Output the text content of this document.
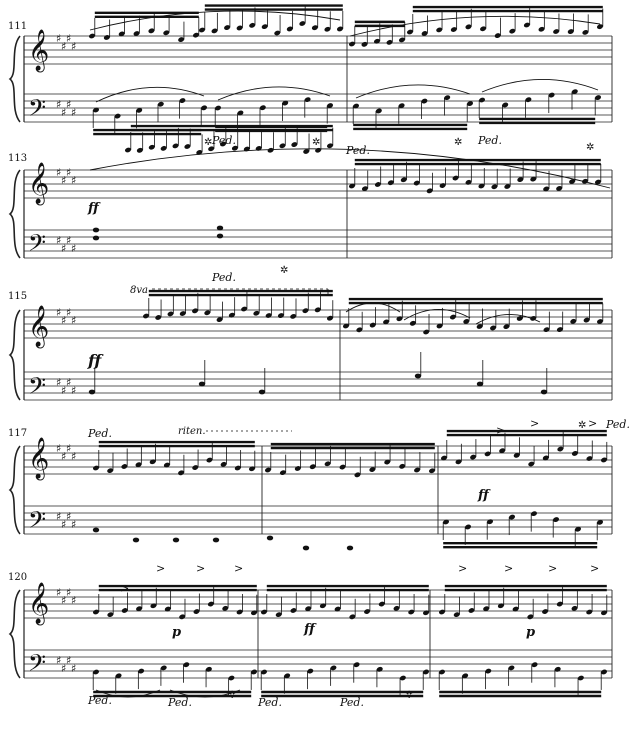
♯
♯
♯
♯
♯
♯
♯
♯
♯
♯
♯
♯
♯
♯
♯
♯
♯
♯
♯
♯
♯
♯
♯
♯
♯
♯
♯
♯
♯
♯
♯
♯
♯
♯
♯
♯
♯
♯
♯
♯
111
𝄞
𝄢
113
𝄞
𝄢
115
𝄞
𝄢
117
𝄞
𝄢
120
𝄞
𝄢
8va
riten.
ff
ff
ff
p	ff	p
Ped.
Ped.
Ped.
Ped.
Ped.
Ped.
Ped.	Ped.	Ped.	Ped.
✲	✲	✲	✲
✲
✲
✲	✲
>
>	>	>
>
>	>
>	>	>	>
